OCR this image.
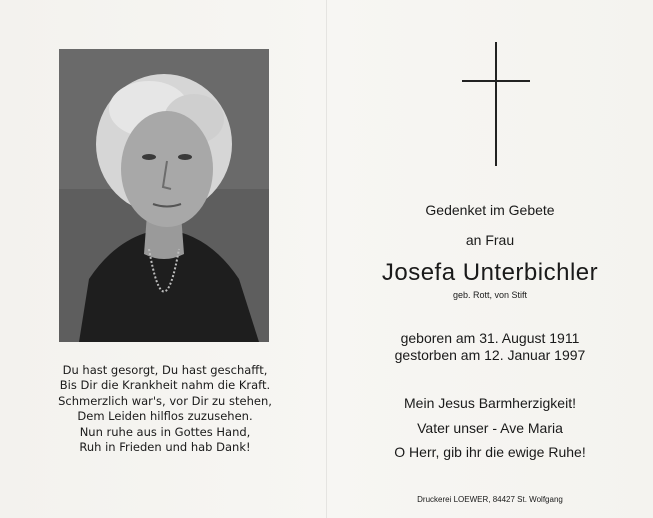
Du hast gesorgt, Du hast geschafft,
Bis Dir die Krankheit nahm die Kraft.
Schmerzlich war's, vor Dir zu stehen,
Dem Leiden hilflos zuzusehen.
Nun ruhe aus in Gottes Hand,
Ruh in Frieden und hab Dank!
Gedenket im Gebete
an Frau
Josefa Unterbichler
geb. Rott, von Stift
geboren am 31. August 1911
gestorben am 12. Januar 1997
Mein Jesus Barmherzigkeit!
Vater unser - Ave Maria
O Herr, gib ihr die ewige Ruhe!
Druckerei LOEWER, 84427 St. Wolfgang
